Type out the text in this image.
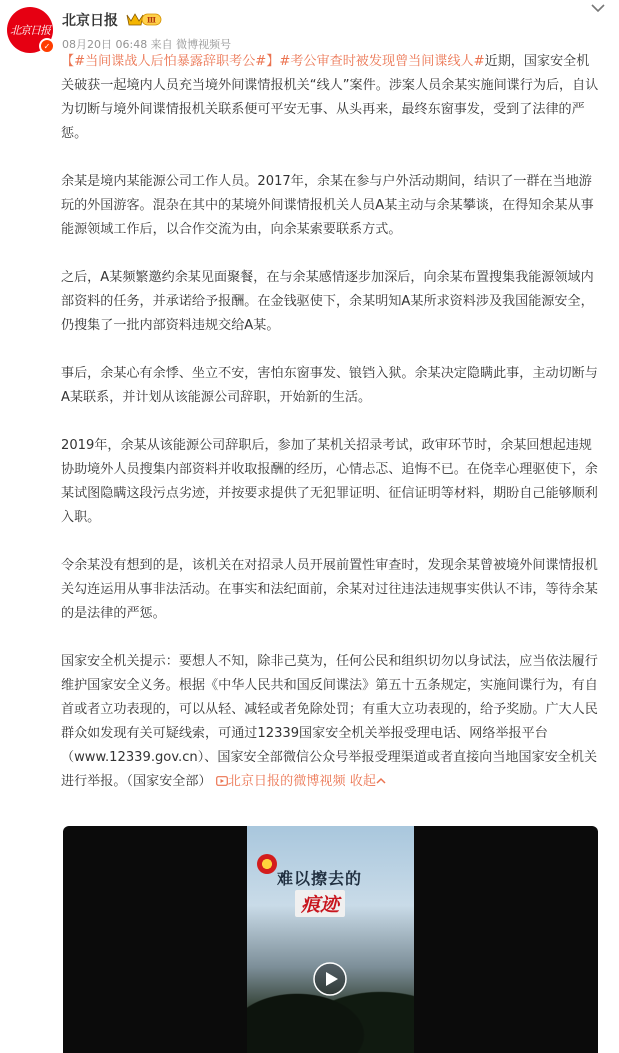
北京日报
✓
北京日报	Ⅲ
08月20日 06:48 来自 微博视频号

【#当间谍战人后怕暴露辞职考公#】#考公审查时被发现曾当间谍线人#近期，国家安全机关破获一起境内人员充当境外间谍情报机关“线人”案件。涉案人员余某实施间谍行为后，自认为切断与境外间谍情报机关联系便可平安无事、从头再来，最终东窗事发，受到了法律的严惩。

余某是境内某能源公司工作人员。2017年，余某在参与户外活动期间，结识了一群在当地游玩的外国游客。混杂在其中的某境外间谍情报机关人员A某主动与余某攀谈，在得知余某从事能源领域工作后，以合作交流为由，向余某索要联系方式。

之后，A某频繁邀约余某见面聚餐，在与余某感情逐步加深后，向余某布置搜集我能源领域内部资料的任务，并承诺给予报酬。在金钱驱使下，余某明知A某所求资料涉及我国能源安全，仍搜集了一批内部资料违规交给A某。

事后，余某心有余悸、坐立不安，害怕东窗事发、锒铛入狱。余某决定隐瞒此事，主动切断与A某联系，并计划从该能源公司辞职，开始新的生活。

2019年，余某从该能源公司辞职后，参加了某机关招录考试，政审环节时，余某回想起违规协助境外人员搜集内部资料并收取报酬的经历，心情忐忑、追悔不已。在侥幸心理驱使下，余某试图隐瞒这段污点劣迹，并按要求提供了无犯罪证明、征信证明等材料，期盼自己能够顺利入职。

令余某没有想到的是，该机关在对招录人员开展前置性审查时，发现余某曾被境外间谍情报机关勾连运用从事非法活动。在事实和法纪面前，余某对过往违法违规事实供认不讳，等待余某的是法律的严惩。

国家安全机关提示：要想人不知，除非己莫为，任何公民和组织切勿以身试法，应当依法履行维护国家安全义务。根据《中华人民共和国反间谍法》第五十五条规定，实施间谍行为，有自首或者立功表现的，可以从轻、减轻或者免除处罚；有重大立功表现的，给予奖励。广大人民群众如发现有关可疑线索，可通过12339国家安全机关举报受理电话、网络举报平台（www.12339.gov.cn）、国家安全部微信公众号举报受理渠道或者直接向当地国家安全机关进行举报。（国家安全部） 北京日报的微博视频 收起

难以擦去的
痕迹
